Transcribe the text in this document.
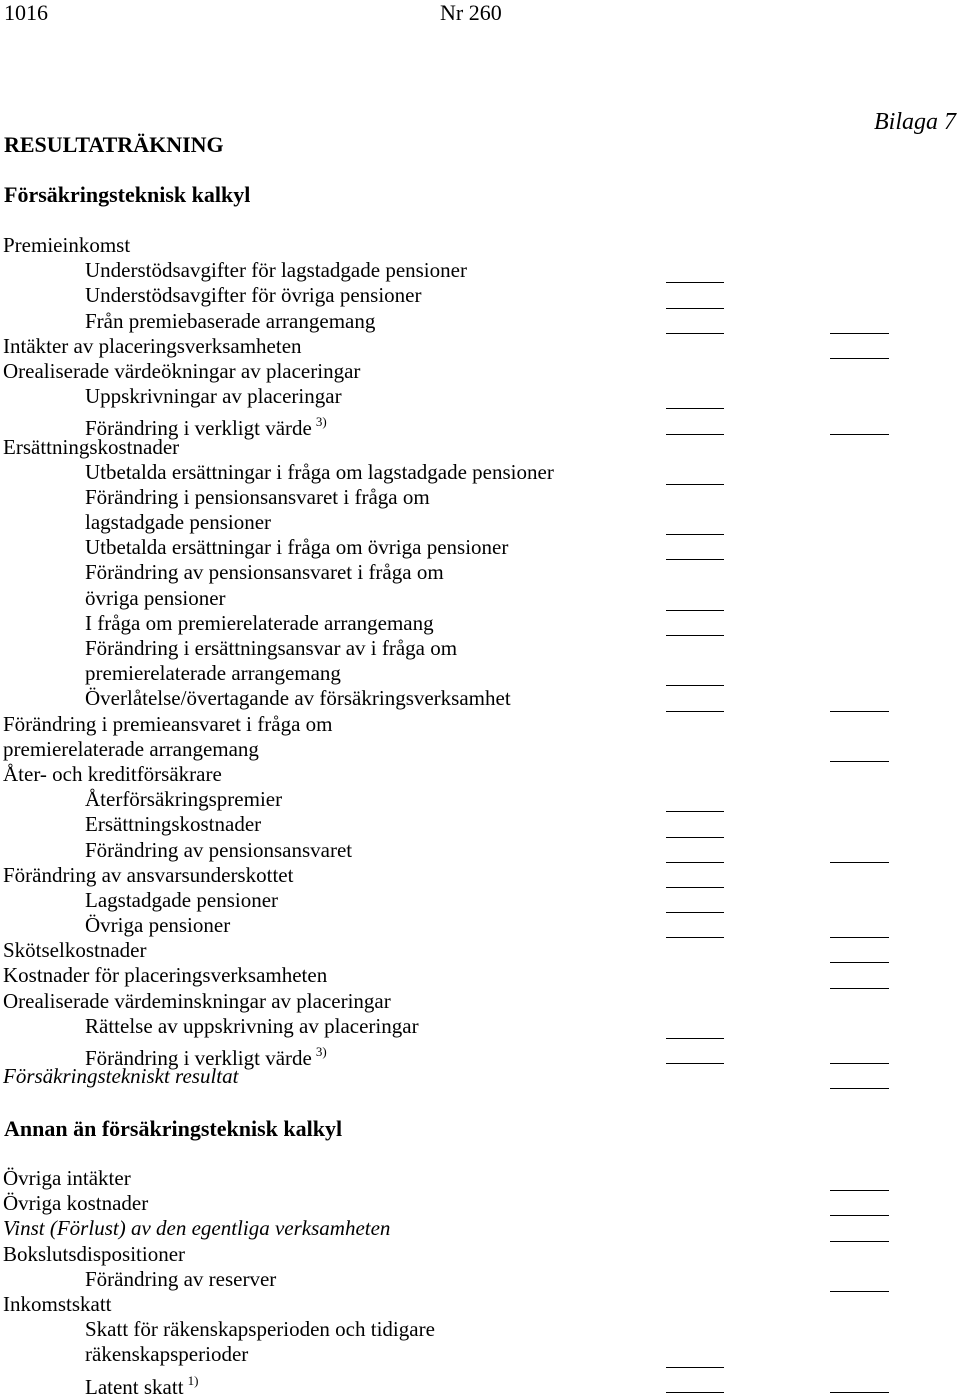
1016	Nr 260
Bilaga 7
RESULTATRÄKNING
Försäkringsteknisk kalkyl
Premieinkomst
Understödsavgifter för lagstadgade pensioner
Understödsavgifter för övriga pensioner
Från premiebaserade arrangemang
Intäkter av placeringsverksamheten
Orealiserade värdeökningar av placeringar
Uppskrivningar av placeringar
Förändring i verkligt värde $^{3)}$
Ersättningskostnader
Utbetalda ersättningar i fråga om lagstadgade pensioner
Förändring i pensionsansvaret i fråga om
lagstadgade pensioner
Utbetalda ersättningar i fråga om övriga pensioner
Förändring av pensionsansvaret i fråga om
övriga pensioner
I fråga om premierelaterade arrangemang
Förändring i ersättningsansvar av i fråga om
premierelaterade arrangemang
Överlåtelse/övertagande av försäkringsverksamhet
Förändring i premieansvaret i fråga om
premierelaterade arrangemang
Åter- och kreditförsäkrare
Återförsäkringspremier
Ersättningskostnader
Förändring av pensionsansvaret
Förändring av ansvarsunderskottet
Lagstadgade pensioner
Övriga pensioner
Skötselkostnader
Kostnader för placeringsverksamheten
Orealiserade värdeminskningar av placeringar
Rättelse av uppskrivning av placeringar
Förändring i verkligt värde $^{3)}$
Försäkringstekniskt resultat
Annan än försäkringsteknisk kalkyl
Övriga intäkter
Övriga kostnader
Vinst (Förlust) av den egentliga verksamheten
Bokslutsdispositioner
Förändring av reserver
Inkomstskatt
Skatt för räkenskapsperioden och tidigare
räkenskapsperioder
Latent skatt $^{1)}$
